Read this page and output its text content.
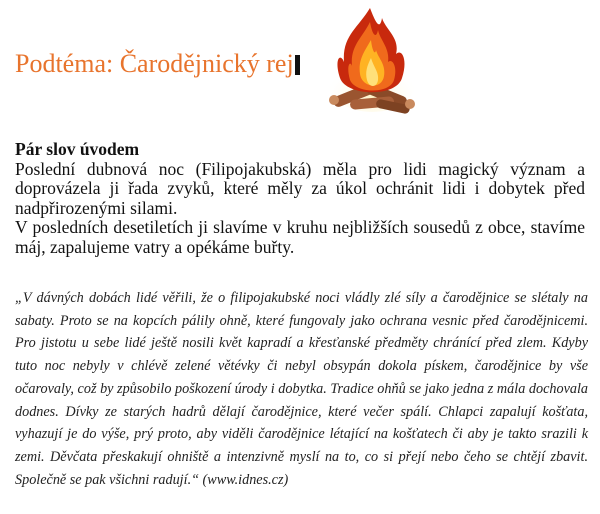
Podtéma: Čarodějnický rej
Pár slov úvodem

Poslední dubnová noc (Filipojakubská) měla pro lidi magický význam a doprovázela ji řada zvyků, které měly za úkol ochránit lidi i dobytek před nadpřirozenými silami.

V posledních desetiletích ji slavíme v kruhu nejbližších sousedů z obce, stavíme máj, zapalujeme vatry a opékáme buřty.

„V dávných dobách lidé věřili, že o filipojakubské noci vládly zlé síly a čarodějnice se slétaly na sabaty. Proto se na kopcích pálily ohně, které fungovaly jako ochrana vesnic před čarodějnicemi. Pro jistotu u sebe lidé ještě nosili květ kapradí a křesťanské předměty chránící před zlem. Kdyby tuto noc nebyly v chlévě zelené větévky či nebyl obsypán dokola pískem, čarodějnice by vše očarovaly, což by způsobilo poškození úrody i dobytka. Tradice ohňů se jako jedna z mála dochovala dodnes. Dívky ze starých hadrů dělají čarodějnice, které večer spálí. Chlapci zapalují košťata, vyhazují je do výše, prý proto, aby viděli čarodějnice létající na košťatech či aby je takto srazili k zemi. Děvčata přeskakují ohniště a intenzivně myslí na to, co si přejí nebo čeho se chtějí zbavit. Společně se pak všichni radují.“ (www.idnes.cz)
